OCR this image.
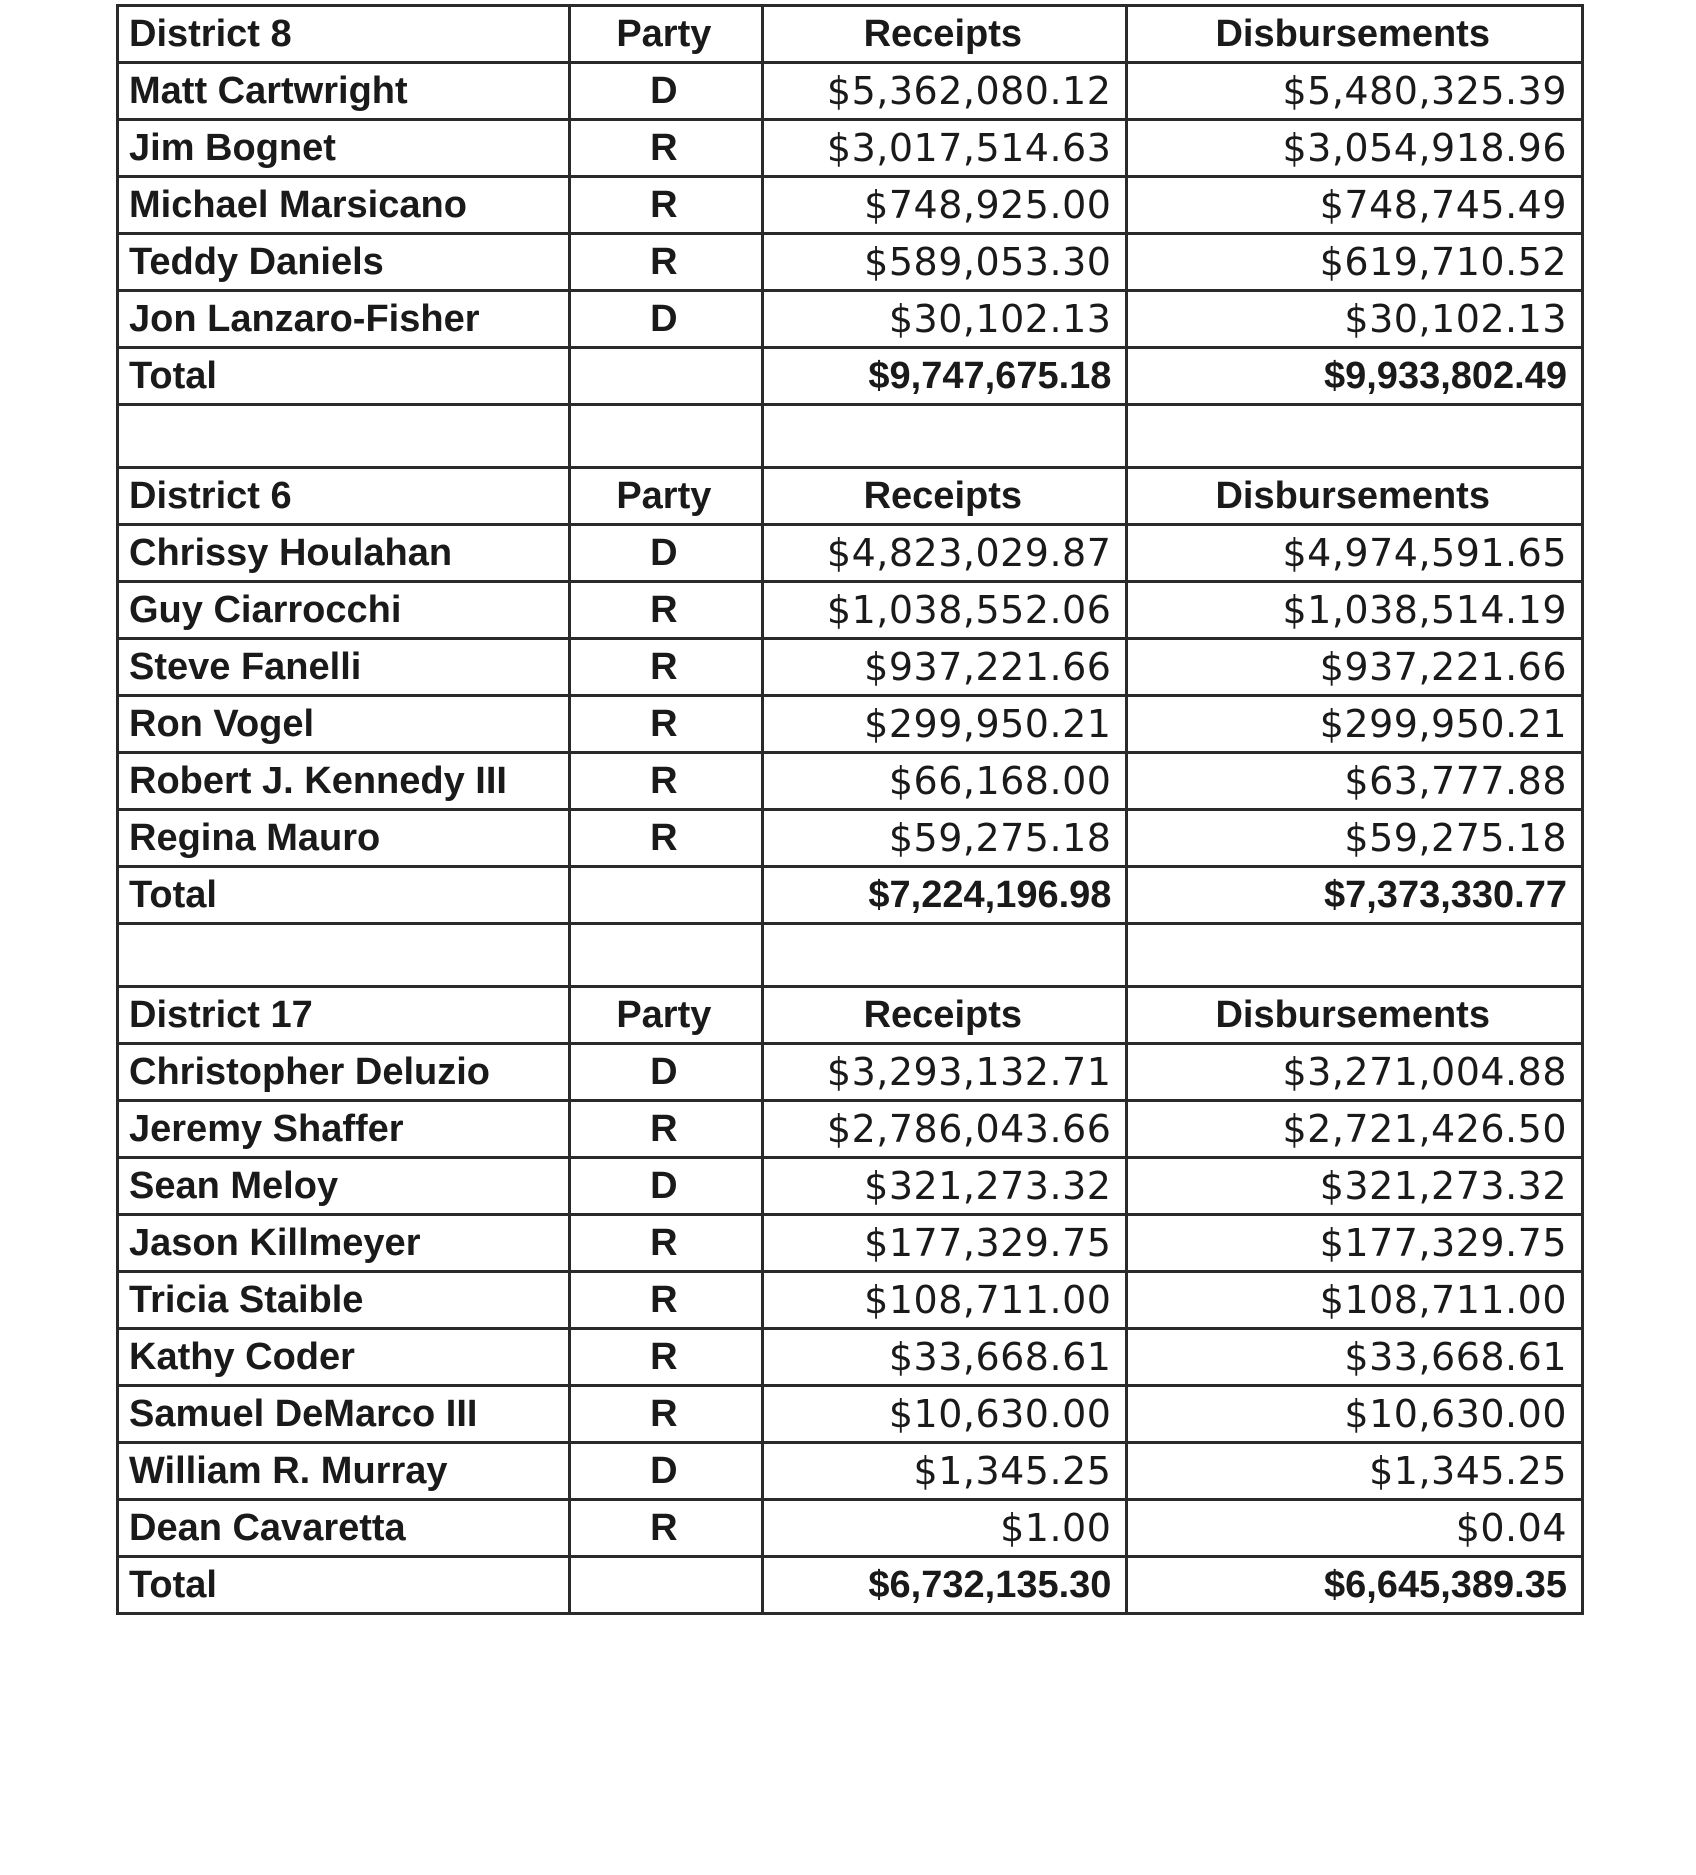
District 8	Party	Receipts	Disbursements
Matt Cartwright	D	$5,362,080.12	$5,480,325.39
Jim Bognet	R	$3,017,514.63	$3,054,918.96
Michael Marsicano	R	$748,925.00	$748,745.49
Teddy Daniels	R	$589,053.30	$619,710.52
Jon Lanzaro-Fisher	D	$30,102.13	$30,102.13
Total		$9,747,675.18	$9,933,802.49

District 6	Party	Receipts	Disbursements
Chrissy Houlahan	D	$4,823,029.87	$4,974,591.65
Guy Ciarrocchi	R	$1,038,552.06	$1,038,514.19
Steve Fanelli	R	$937,221.66	$937,221.66
Ron Vogel	R	$299,950.21	$299,950.21
Robert J. Kennedy III	R	$66,168.00	$63,777.88
Regina Mauro	R	$59,275.18	$59,275.18
Total		$7,224,196.98	$7,373,330.77

District 17	Party	Receipts	Disbursements
Christopher Deluzio	D	$3,293,132.71	$3,271,004.88
Jeremy Shaffer	R	$2,786,043.66	$2,721,426.50
Sean Meloy	D	$321,273.32	$321,273.32
Jason Killmeyer	R	$177,329.75	$177,329.75
Tricia Staible	R	$108,711.00	$108,711.00
Kathy Coder	R	$33,668.61	$33,668.61
Samuel DeMarco III	R	$10,630.00	$10,630.00
William R. Murray	D	$1,345.25	$1,345.25
Dean Cavaretta	R	$1.00	$0.04
Total		$6,732,135.30	$6,645,389.35
